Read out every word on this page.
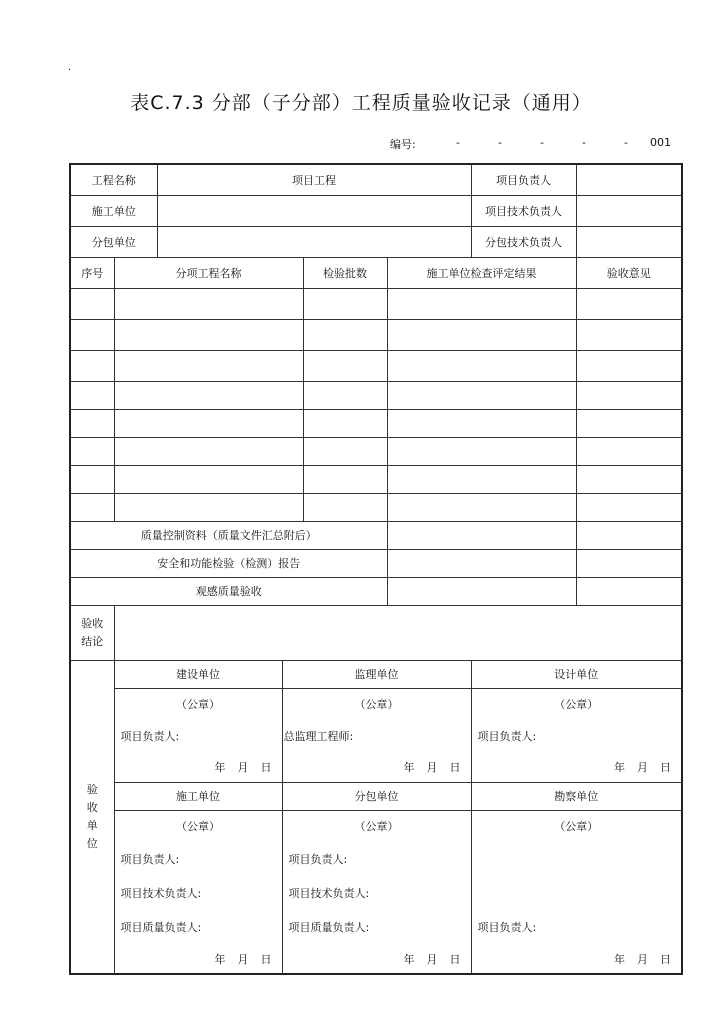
.
表C.7.3 分部（子分部）工程质量验收记录（通用）
编号:	-	-	-	-	- 001
工程名称		项目工程				项目负责人	
施工单位						项目技术负责人	
分包单位						分包技术负责人	
序号	分项工程名称			检验批数	施工单位检查评定结果		验收意见

质量控制资料（质量文件汇总附后）							
安全和功能检验（检测）报告							
观感质量验收							
验收
结论							
验
收
单
位	建设单位		监理单位			设计单位	
	（公章）		（公章）			（公章）	
	项目负责人:		总监理工程师:			项目负责人:	
	年 月 日		年 月 日			年 月 日	
	施工单位		分包单位			勘察单位	
	（公章）		（公章）			（公章）	
	项目负责人:		项目负责人:				
	项目技术负责人:		项目技术负责人:				
	项目质量负责人:		项目质量负责人:			项目负责人:	
	年 月 日		年 月 日			年 月 日	
